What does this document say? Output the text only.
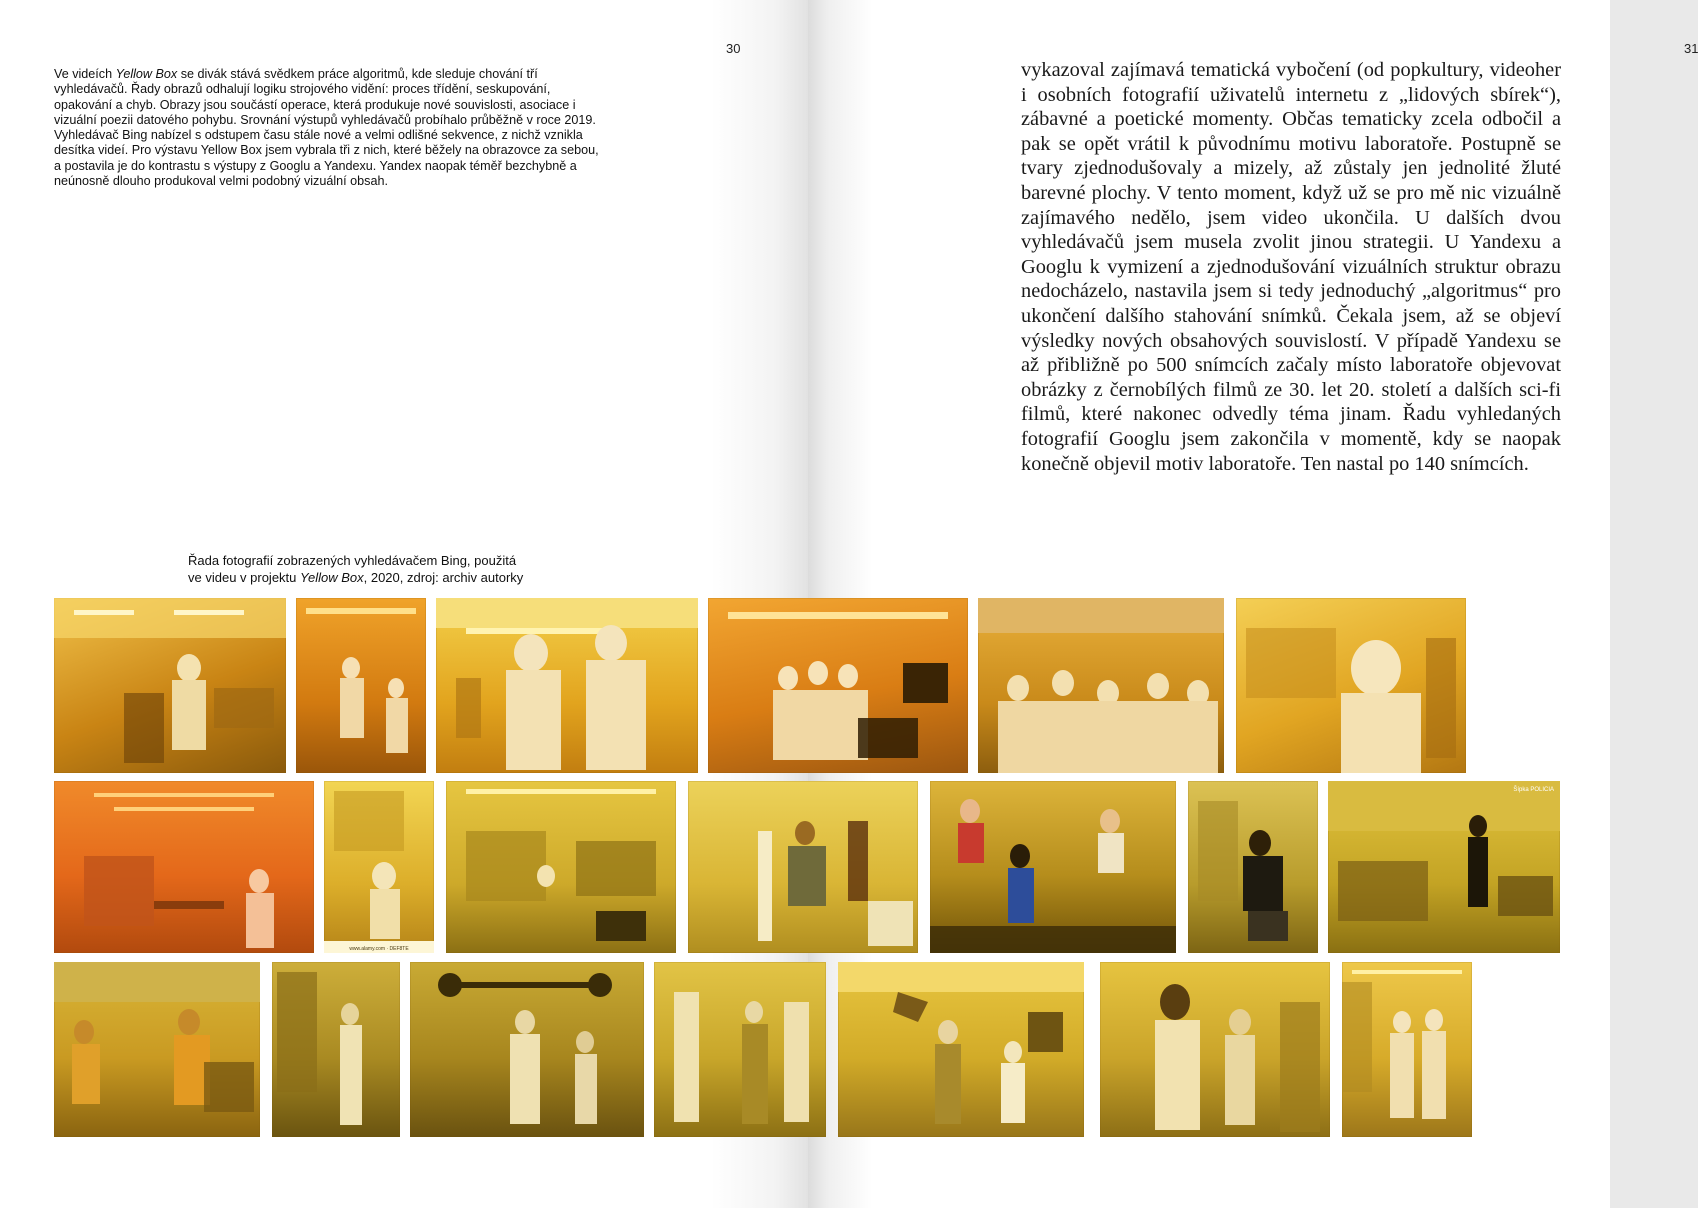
30

Ve videích Yellow Box se divák stává svědkem práce algoritmů, kde sleduje chování tří vyhledávačů. Řady obrazů odhalují logiku strojového vidění: proces třídění, seskupování, opakování a chyb. Obrazy jsou součástí operace, která produkuje nové souvislosti, asociace i vizuální poezii datového pohybu. Srovnání výstupů vyhledávačů probíhalo průběžně v roce 2019. Vyhledávač Bing nabízel s odstupem času stále nové a velmi odlišné sekvence, z nichž vznikla desítka videí. Pro výstavu Yellow Box jsem vybrala tři z nich, které běžely na obrazovce za sebou, a postavila je do kontrastu s výstupy z Googlu a Yandexu. Yandex naopak téměř bezchybně a neúnosně dlouho produkoval velmi podobný vizuální obsah.

Řada fotografií zobrazených vyhledávačem Bing, použitá
ve videu v projektu Yellow Box, 2020, zdroj: archiv autorky

31

vykazoval zajímavá tematická vybočení (od popkultury, videoher i osobních fotografií uživatelů internetu z „lidových sbírek“), zábavné a poetické momenty. Občas tematicky zcela odbočil a pak se opět vrátil k původnímu motivu laboratoře. Postupně se tvary zjednodušovaly a mizely, až zůstaly jen jednolité žluté barevné plochy. V tento moment, když už se pro mě nic vizuálně zajímavého nedělo, jsem video ukončila. U dalších dvou vyhledávačů jsem musela zvolit jinou strategii. U Yandexu a Googlu k vymizení a zjednodušování vizuálních struktur obrazu nedocházelo, nastavila jsem si tedy jednoduchý „algoritmus“ pro ukončení dalšího stahování snímků. Čekala jsem, až se objeví výsledky nových obsahových souvislostí. V případě Yandexu se až přibližně po 500 snímcích začaly místo laboratoře objevovat obrázky z černobílých filmů ze 30. let 20. století a dalších sci-fi filmů, které nakonec odvedly téma jinam. Řadu vyhledaných fotografií Googlu jsem zakončila v momentě, kdy se naopak konečně objevil motiv laboratoře. Ten nastal po 140 snímcích.

www.alamy.com · DEF8TE
Šípka POLICIA
